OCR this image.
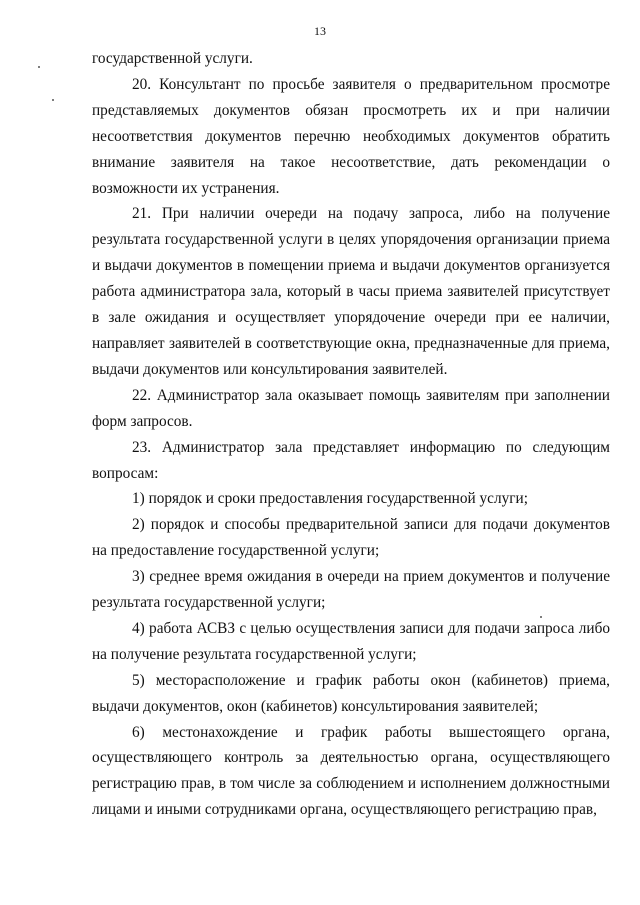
13

государственной услуги.

20. Консультант по просьбе заявителя о предварительном просмотре представляемых документов обязан просмотреть их и при наличии несоответствия документов перечню необходимых документов обратить внимание заявителя на такое несоответствие, дать рекомендации о возможности их устранения.

21. При наличии очереди на подачу запроса, либо на получение результата государственной услуги в целях упорядочения организации приема и выдачи документов в помещении приема и выдачи документов организуется работа администратора зала, который в часы приема заявителей присутствует в зале ожидания и осуществляет упорядочение очереди при ее наличии, направляет заявителей в соответствующие окна, предназначенные для приема, выдачи документов или консультирования заявителей.

22. Администратор зала оказывает помощь заявителям при заполнении форм запросов.

23. Администратор зала представляет информацию по следующим вопросам:

1) порядок и сроки предоставления государственной услуги;

2) порядок и способы предварительной записи для подачи документов на предоставление государственной услуги;

3) среднее время ожидания в очереди на прием документов и получение результата государственной услуги;

4) работа АСВЗ с целью осуществления записи для подачи запроса либо на получение результата государственной услуги;

5) месторасположение и график работы окон (кабинетов) приема, выдачи документов, окон (кабинетов) консультирования заявителей;

6) местонахождение и график работы вышестоящего органа, осуществляющего контроль за деятельностью органа, осуществляющего регистрацию прав, в том числе за соблюдением и исполнением должностными лицами и иными сотрудниками органа, осуществляющего регистрацию прав,
